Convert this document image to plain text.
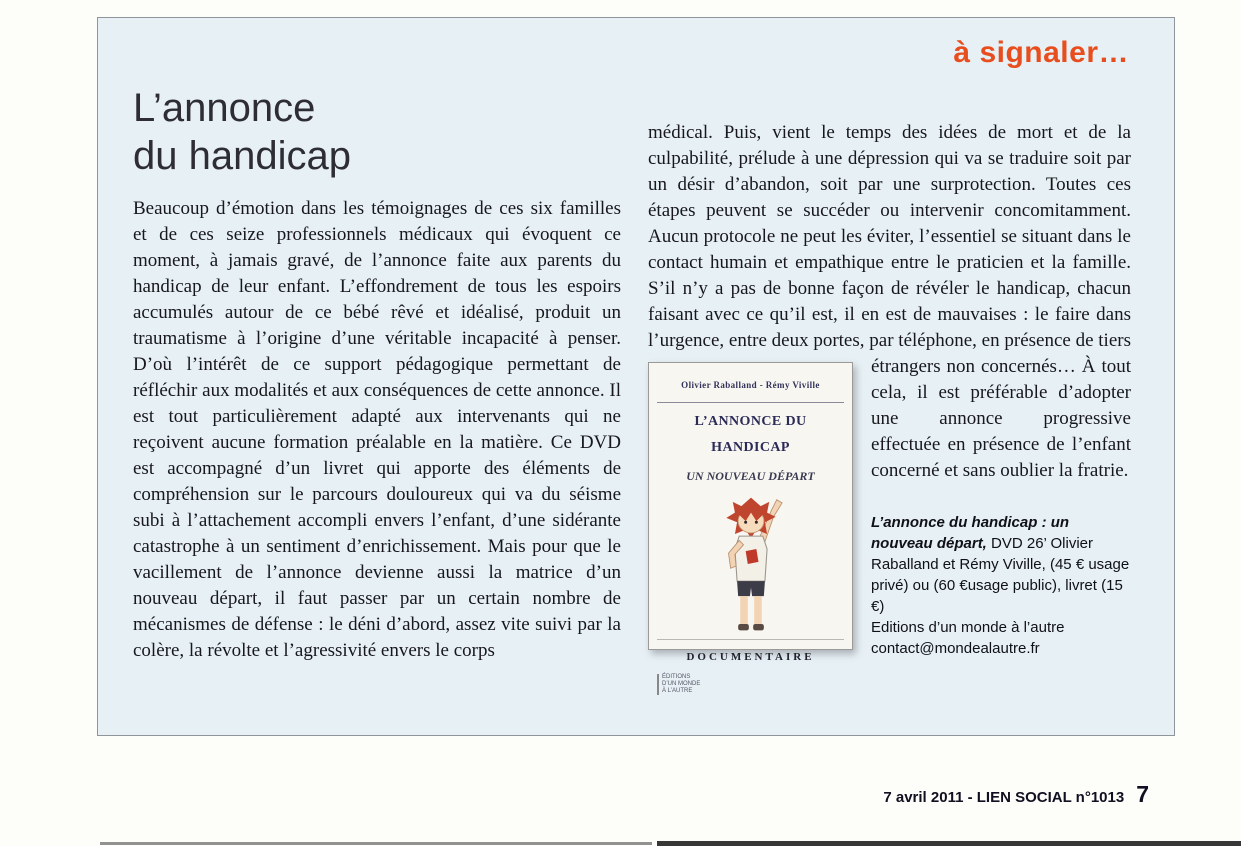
à signaler…
L’annonce
du handicap

Beaucoup d’émotion dans les témoignages de ces six familles et de ces seize professionnels médicaux qui évoquent ce moment, à jamais gravé, de l’annonce faite aux parents du handicap de leur enfant. L’effondrement de tous les espoirs accumulés autour de ce bébé rêvé et idéalisé, produit un traumatisme à l’origine d’une véritable incapacité à penser. D’où l’intérêt de ce support pédagogique permettant de réfléchir aux modalités et aux conséquences de cette annonce. Il est tout particulièrement adapté aux intervenants qui ne reçoivent aucune formation préalable en la matière. Ce DVD est accompagné d’un livret qui apporte des éléments de compréhension sur le parcours douloureux qui va du séisme subi à l’attachement accompli envers l’enfant, d’une sidérante catastrophe à un sentiment d’enrichissement. Mais pour que le vacillement de l’annonce devienne aussi la matrice d’un nouveau départ, il faut passer par un certain nombre de mécanismes de défense : le déni d’abord, assez vite suivi par la colère, la révolte et l’agressivité envers le corps

médical. Puis, vient le temps des idées de mort et de la culpabilité, prélude à une dépression qui va se traduire soit par un désir d’abandon, soit par une surprotection. Toutes ces étapes peuvent se succéder ou intervenir concomitamment. Aucun protocole ne peut les éviter, l’essentiel se situant dans le contact humain et empathique entre le praticien et la famille. S’il n’y a pas de bonne façon de révéler le handicap, chacun faisant avec ce qu’il est, il en est de mauvaises : le faire dans l’urgence, entre deux portes, par téléphone, en présence de tiers étrangers non concernés… À tout
Olivier Raballand - Rémy Viville
L’ANNONCE DU HANDICAP
UN NOUVEAU DÉPART
DOCUMENTAIRE
ÉDITIONS
D’UN MONDE
À L’AUTRE
cela, il est préférable d’adopter une annonce progressive effectuée en présence de l’enfant concerné et sans oublier la fratrie.
L’annonce du handicap : un nouveau départ, DVD 26’ Olivier Raballand et Rémy Viville, (45 € usage privé) ou (60 €usage public), livret (15 €)
Editions d’un monde à l’autre
contact@mondealautre.fr
7 avril 2011 - LIEN SOCIAL n°1013 7
